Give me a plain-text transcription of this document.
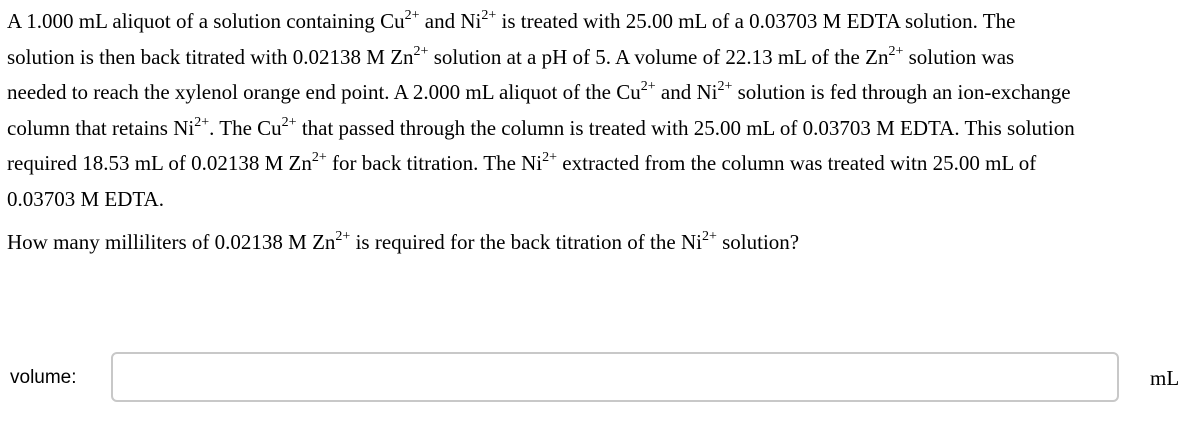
A 1.000 mL aliquot of a solution containing $Cu^{2+}$ and $Ni^{2+}$ is treated with 25.00 mL of a 0.03703 M EDTA solution. The

solution is then back titrated with 0.02138 M $Zn^{2+}$ solution at a pH of 5. A volume of 22.13 mL of the $Zn^{2+}$ solution was

needed to reach the xylenol orange end point. A 2.000 mL aliquot of the $Cu^{2+}$ and $Ni^{2+}$ solution is fed through an ion-exchange

column that retains $Ni^{2+}$. The $Cu^{2+}$ that passed through the column is treated with 25.00 mL of 0.03703 M EDTA. This solution

required 18.53 mL of 0.02138 M $Zn^{2+}$ for back titration. The $Ni^{2+}$ extracted from the column was treated witn 25.00 mL of

0.03703 M EDTA.

How many milliliters of 0.02138 M $Zn^{2+}$ is required for the back titration of the $Ni^{2+}$ solution?
volume:	mL
